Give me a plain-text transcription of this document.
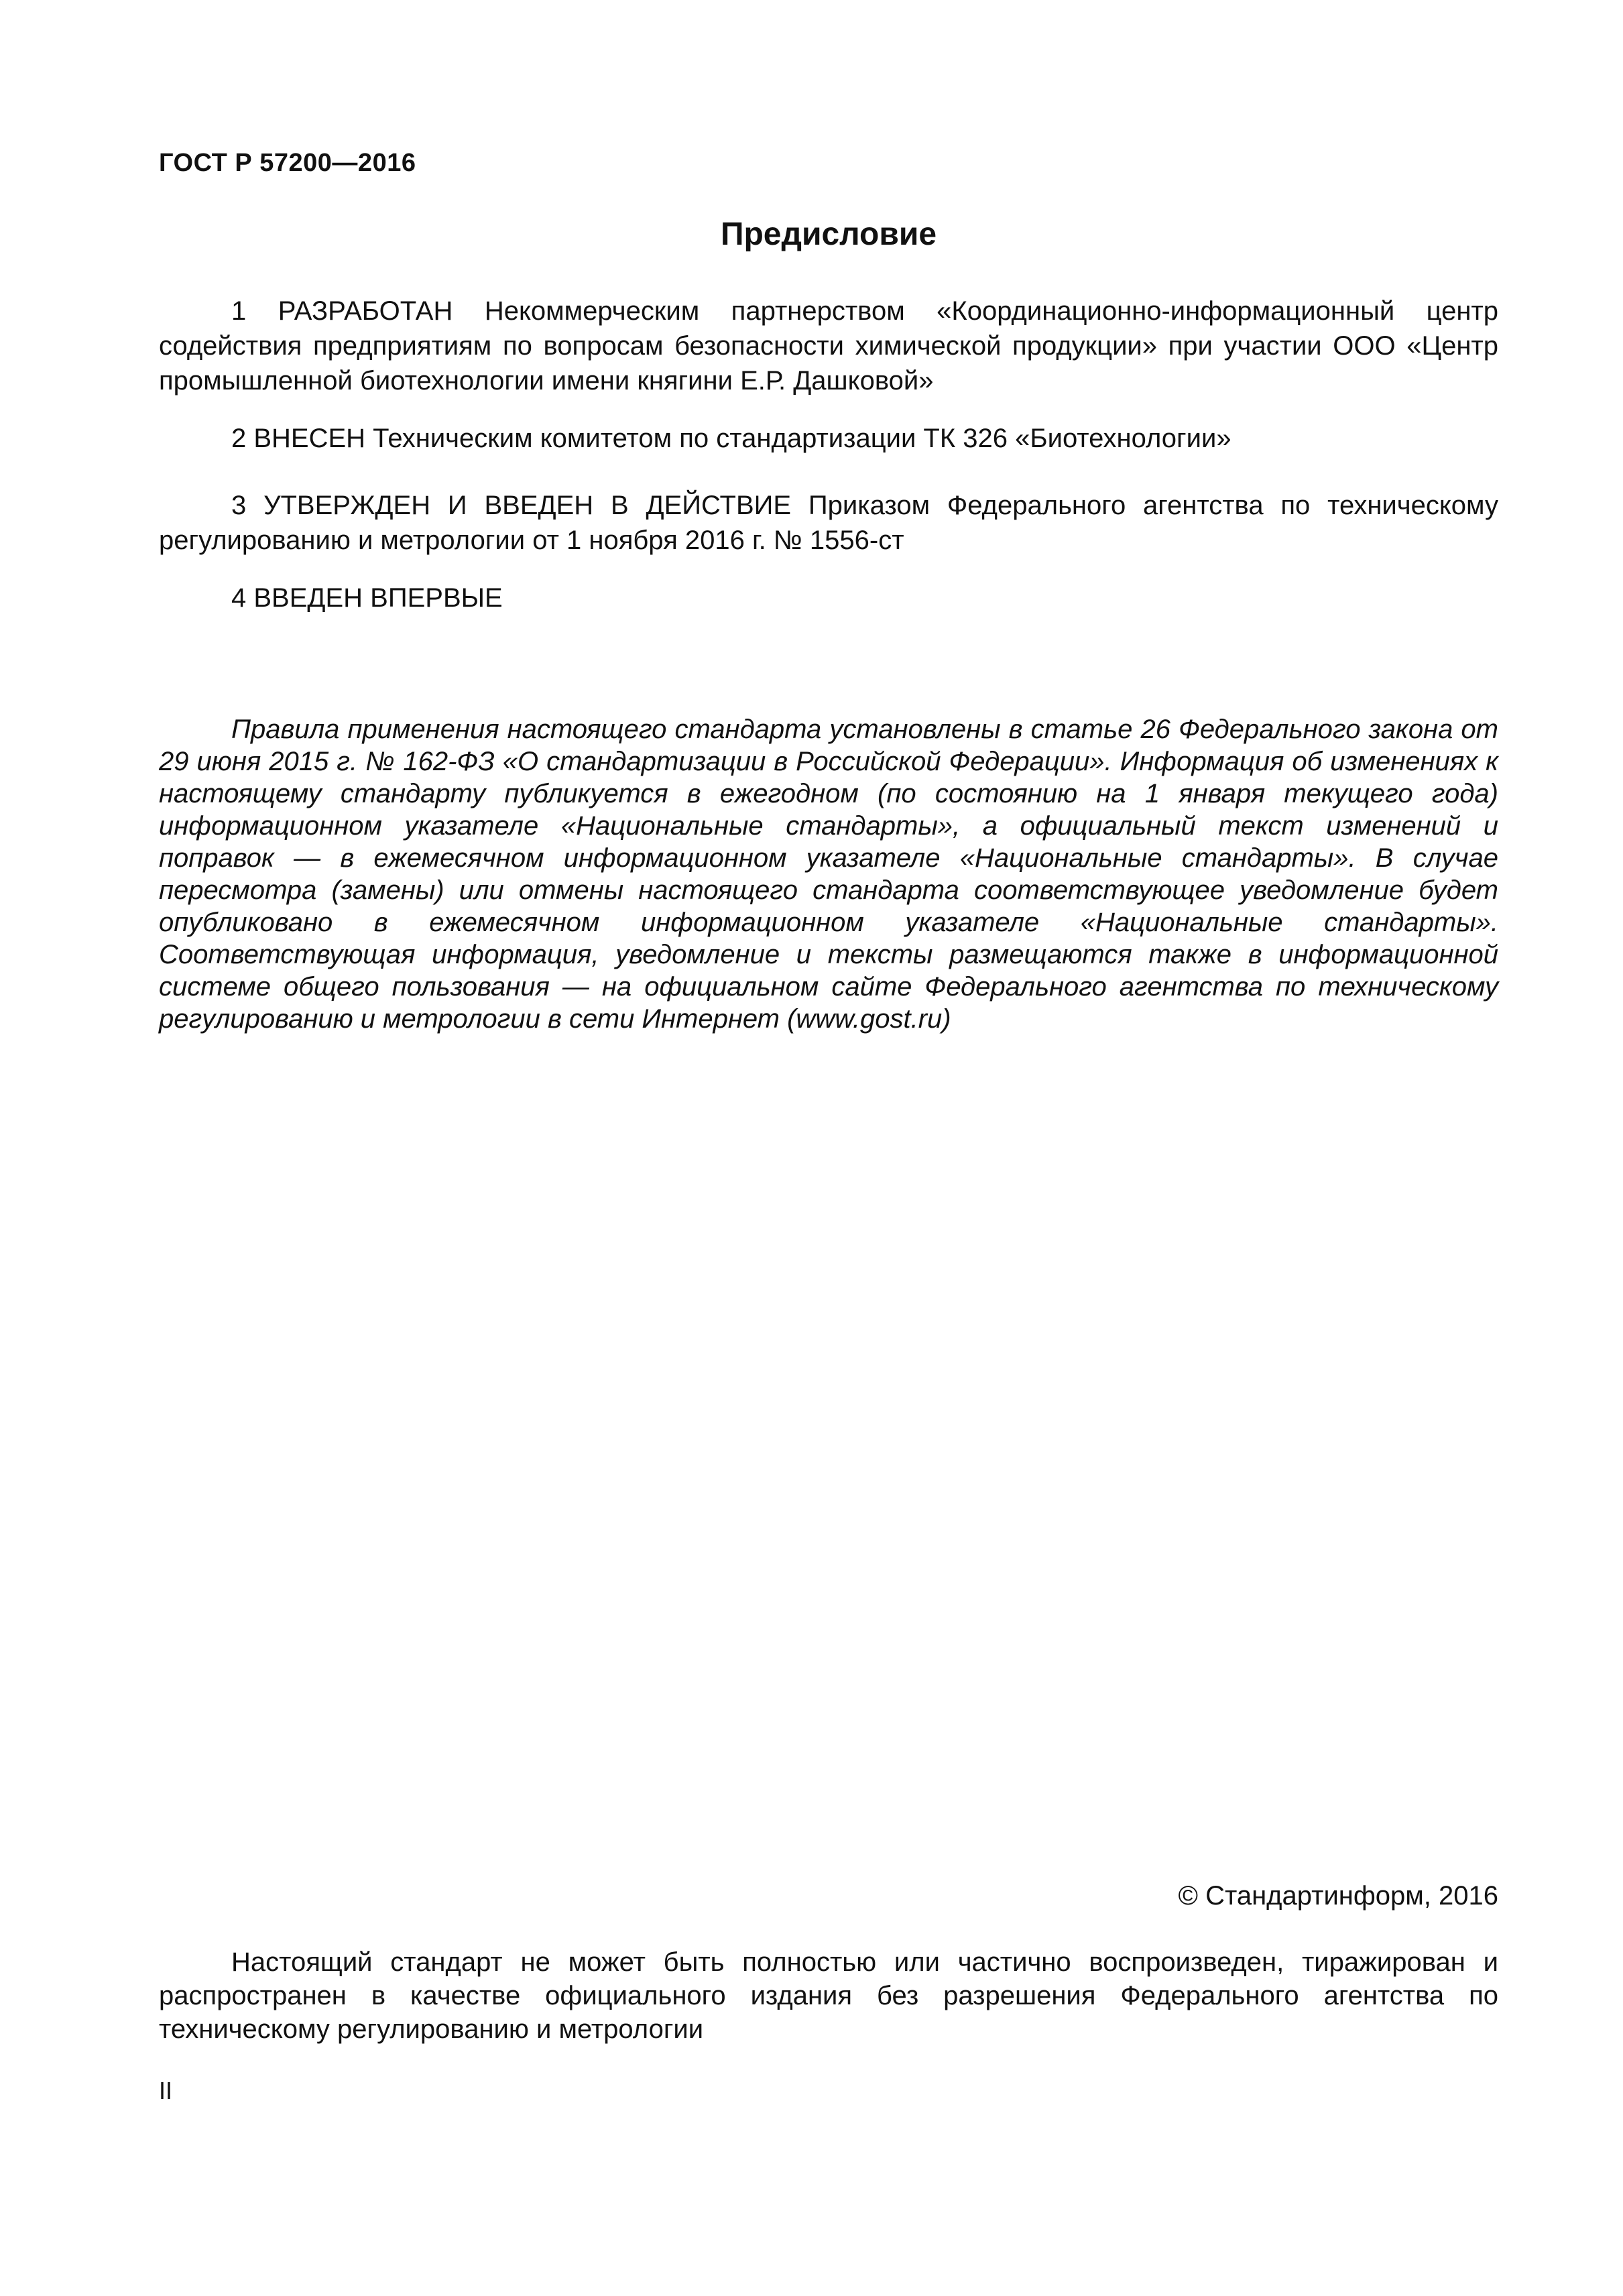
ГОСТ Р 57200—2016
Предисловие

1 РАЗРАБОТАН Некоммерческим партнерством «Координационно-информационный центр содействия предприятиям по вопросам безопасности химической продукции» при участии ООО «Центр промышленной биотехнологии имени княгини Е.Р. Дашковой»

2 ВНЕСЕН Техническим комитетом по стандартизации ТК 326 «Биотехнологии»

3 УТВЕРЖДЕН И ВВЕДЕН В ДЕЙСТВИЕ Приказом Федерального агентства по техническому регулированию и метрологии от 1 ноября 2016 г. № 1556-ст

4 ВВЕДЕН ВПЕРВЫЕ

Правила применения настоящего стандарта установлены в статье 26 Федерального закона от 29 июня 2015 г. № 162-ФЗ «О стандартизации в Российской Федерации». Информация об изменениях к настоящему стандарту публикуется в ежегодном (по состоянию на 1 января текущего года) информационном указателе «Национальные стандарты», а официальный текст изменений и поправок — в ежемесячном информационном указателе «Национальные стандарты». В случае пересмотра (замены) или отмены настоящего стандарта соответствующее уведомление будет опубликовано в ежемесячном информационном указателе «Национальные стандарты». Соответствующая информация, уведомление и тексты размещаются также в информационной системе общего пользования — на официальном сайте Федерального агентства по техническому регулированию и метрологии в сети Интернет (www.gost.ru)

© Стандартинформ, 2016

Настоящий стандарт не может быть полностью или частично воспроизведен, тиражирован и распространен в качестве официального издания без разрешения Федерального агентства по техническому регулированию и метрологии

II
